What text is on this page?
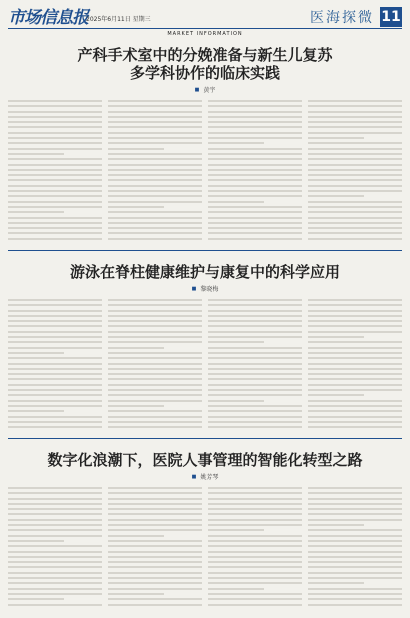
市场信息报
2025年6月11日 星期三	医海探微 11
MARKET INFORMATION
产科手术室中的分娩准备与新生儿复苏
多学科协作的临床实践
■ 黄宇
游泳在脊柱健康维护与康复中的科学应用
■ 黎晓梅
数字化浪潮下，医院人事管理的智能化转型之路
■ 姚芳琴
